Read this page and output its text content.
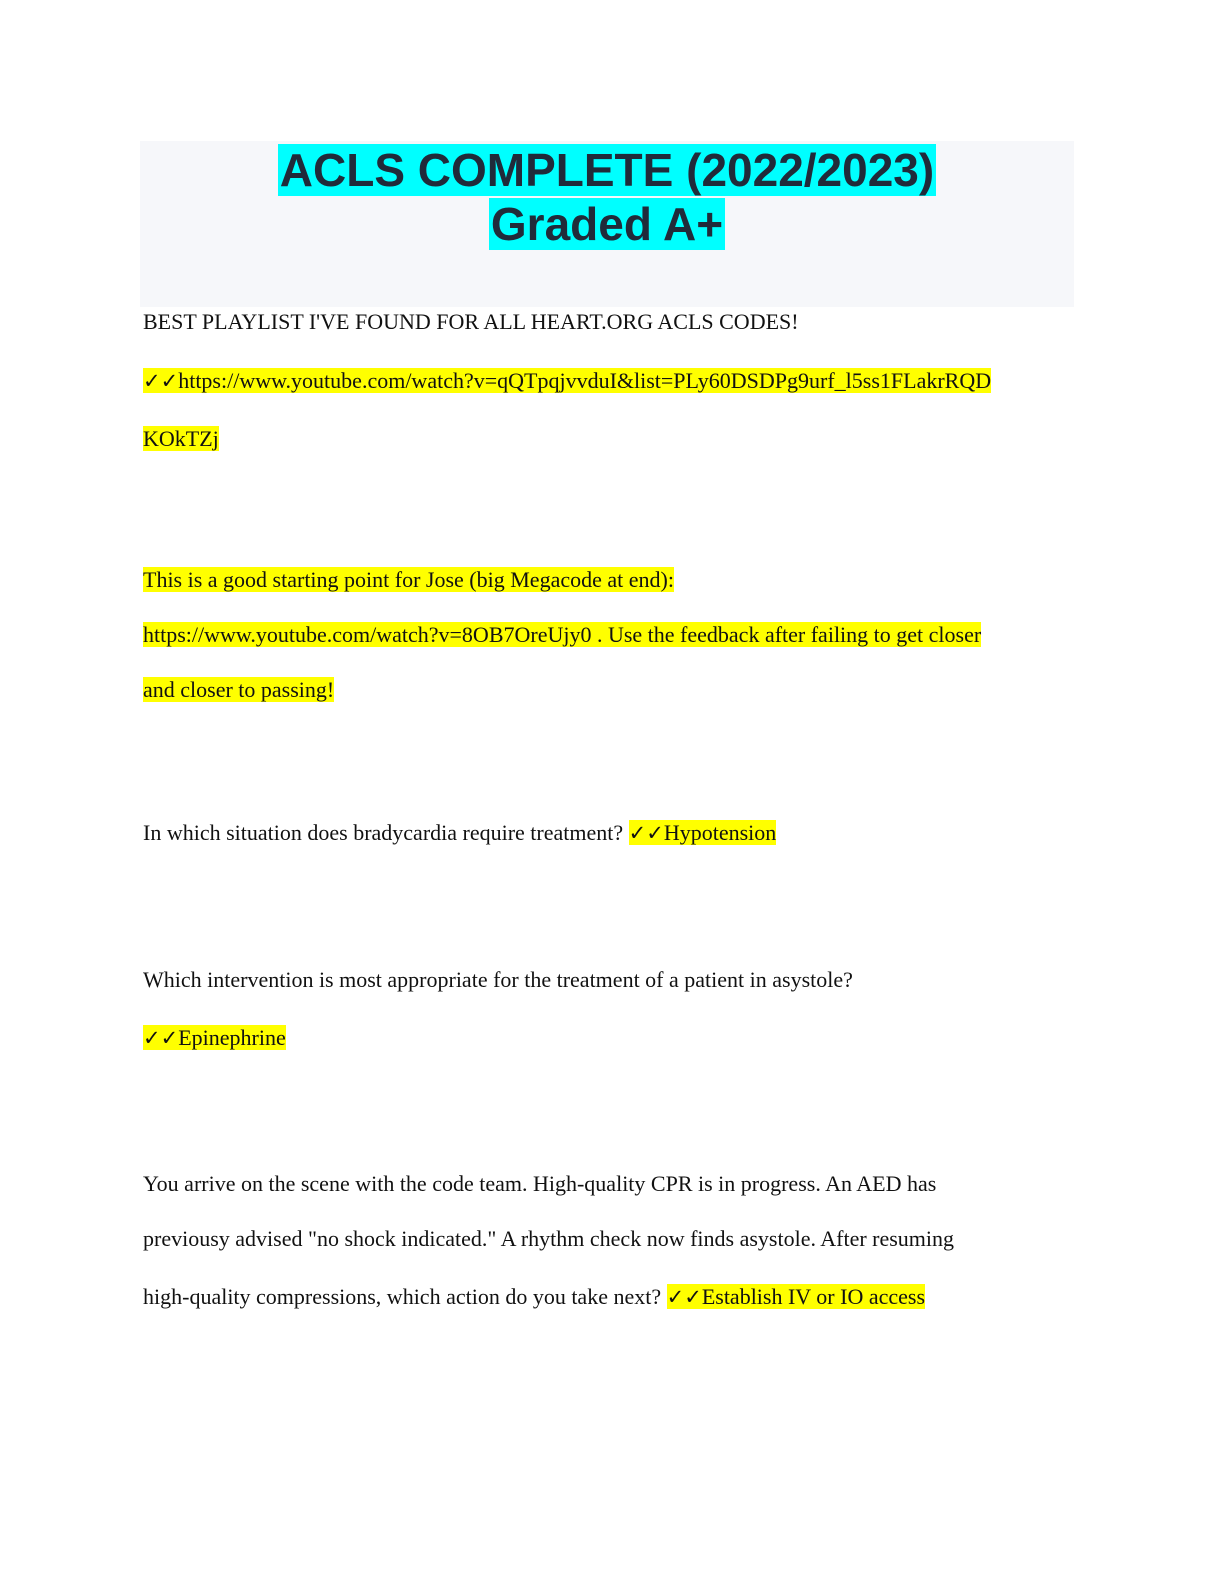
ACLS COMPLETE (2022/2023)
Graded A+
BEST PLAYLIST I'VE FOUND FOR ALL HEART.ORG ACLS CODES!
✓✓https://www.youtube.com/watch?v=qQTpqjvvduI&list=PLy60DSDPg9urf_l5ss1FLakrRQD
KOkTZj
This is a good starting point for Jose (big Megacode at end):
https://www.youtube.com/watch?v=8OB7OreUjy0 . Use the feedback after failing to get closer
and closer to passing!
In which situation does bradycardia require treatment? ✓✓Hypotension
Which intervention is most appropriate for the treatment of a patient in asystole?
✓✓Epinephrine
You arrive on the scene with the code team. High-quality CPR is in progress. An AED has
previousy advised "no shock indicated." A rhythm check now finds asystole. After resuming
high-quality compressions, which action do you take next? ✓✓Establish IV or IO access
